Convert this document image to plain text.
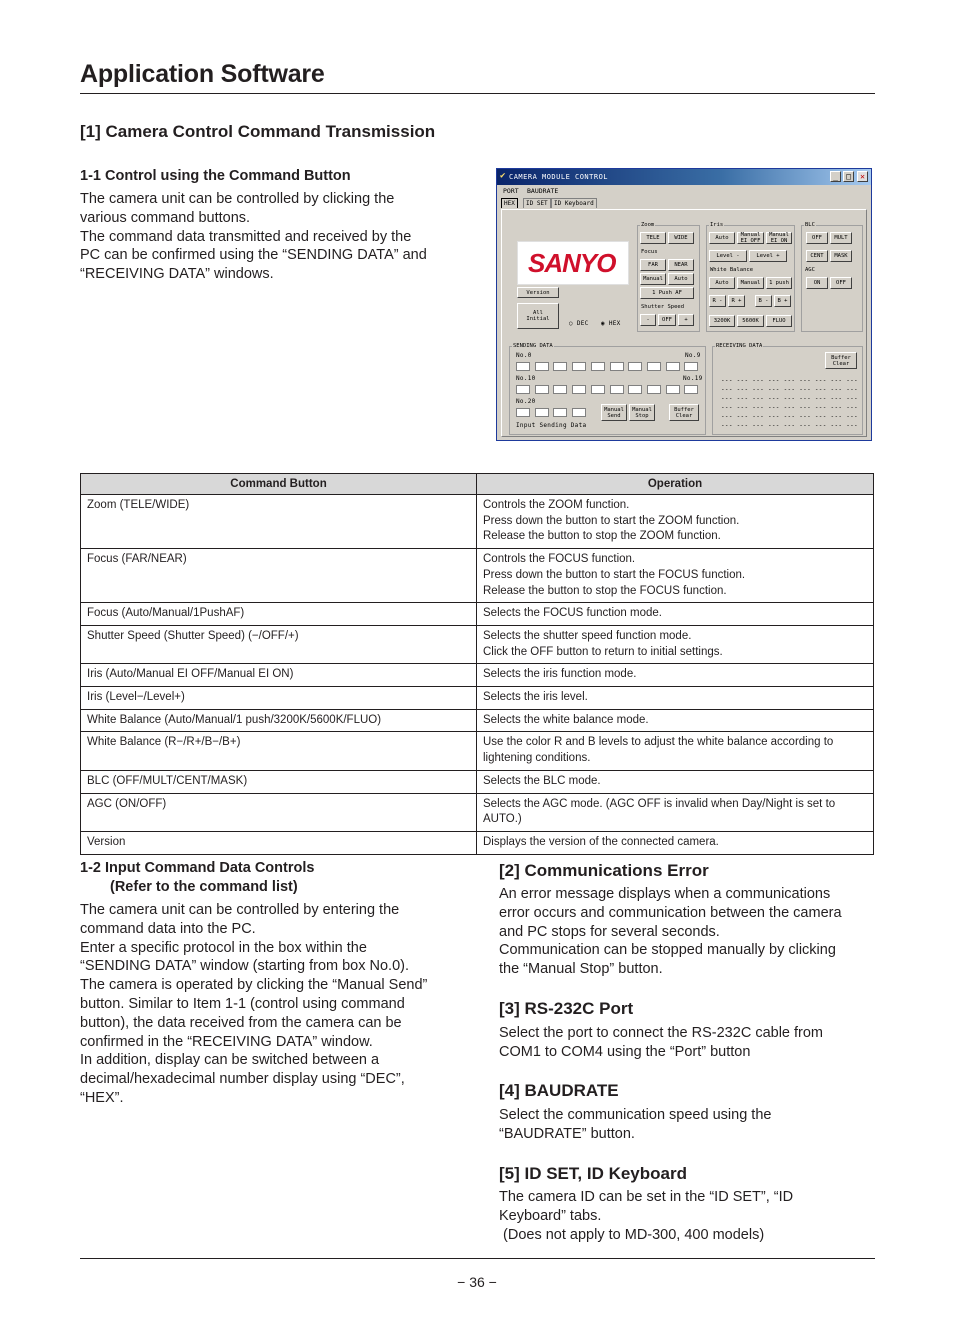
Application Software
[1] Camera Control Command Transmission
1-1 Control using the Command Button
The camera unit can be controlled by clicking the
various command buttons.
The command data transmitted and received by the
PC can be confirmed using the “SENDING DATA” and
“RECEIVING DATA” windows.
✔ CAMERA MODULE CONTROL	_	□	✕
PORT BAUDRATE
HEX	ID SET	ID Keyboard
SANYO
Version
All
Initial
○ DEC ◉ HEX
Zoom
TELE	WIDE
Focus
FAR	NEAR
Manual	Auto
1 Push AF
Shutter Speed
-	OFF	+
Iris
Auto	Manual
EI OFF
Manual
EI ON
Level -	Level +
White Balance
Auto	Manual	1 push
R -	R +	B -	B +
3200K	5600K	FLUO
BLC
OFF	MULT
CENT	MASK
AGC
ON	OFF
SENDING DATA
No.0	No.9
No.10	No.19
No.20
Input Sending Data
Manual
Send
Manual
Stop
Buffer
Clear
RECEIVING DATA
Buffer
Clear
--- --- --- --- --- --- --- --- ---
--- --- --- --- --- --- --- --- ---
--- --- --- --- --- --- --- --- ---
--- --- --- --- --- --- --- --- ---
--- --- --- --- --- --- --- --- ---
--- --- --- --- --- --- --- --- ---
Command Button	Operation
Zoom (TELE/WIDE)	Controls the ZOOM function.
Press down the button to start the ZOOM function.
Release the button to stop the ZOOM function.

Focus (FAR/NEAR)	Controls the FOCUS function.
Press down the button to start the FOCUS function.
Release the button to stop the FOCUS function.

Focus (Auto/Manual/1PushAF)	Selects the FOCUS function mode.

Shutter Speed (Shutter Speed) (−/OFF/+)	Selects the shutter speed function mode.
Click the OFF button to return to initial settings.

Iris (Auto/Manual EI OFF/Manual EI ON)	Selects the iris function mode.

Iris (Level−/Level+)	Selects the iris level.

White Balance (Auto/Manual/1 push/3200K/5600K/FLUO)	Selects the white balance mode.

White Balance (R−/R+/B−/B+)	Use the color R and B levels to adjust the white balance according to
lightening conditions.

BLC (OFF/MULT/CENT/MASK)	Selects the BLC mode.

AGC (ON/OFF)	Selects the AGC mode. (AGC OFF is invalid when Day/Night is set to
AUTO.)

Version	Displays the version of the connected camera.
1-2 Input Command Data Controls
(Refer to the command list)
The camera unit can be controlled by entering the
command data into the PC.
Enter a specific protocol in the box within the
“SENDING DATA” window (starting from box No.0).
The camera is operated by clicking the “Manual Send”
button. Similar to Item 1-1 (control using command
button), the data received from the camera can be
confirmed in the “RECEIVING DATA” window.
In addition, display can be switched between a
decimal/hexadecimal number display using “DEC”,
“HEX”.
[2] Communications Error
An error message displays when a communications
error occurs and communication between the camera
and PC stops for several seconds.
Communication can be stopped manually by clicking
the “Manual Stop” button.
[3] RS-232C Port
Select the port to connect the RS-232C cable from
COM1 to COM4 using the “Port” button
[4] BAUDRATE
Select the communication speed using the
“BAUDRATE” button.
[5] ID SET, ID Keyboard
The camera ID can be set in the “ID SET”, “ID
Keyboard” tabs.
(Does not apply to MD-300, 400 models)
− 36 −
